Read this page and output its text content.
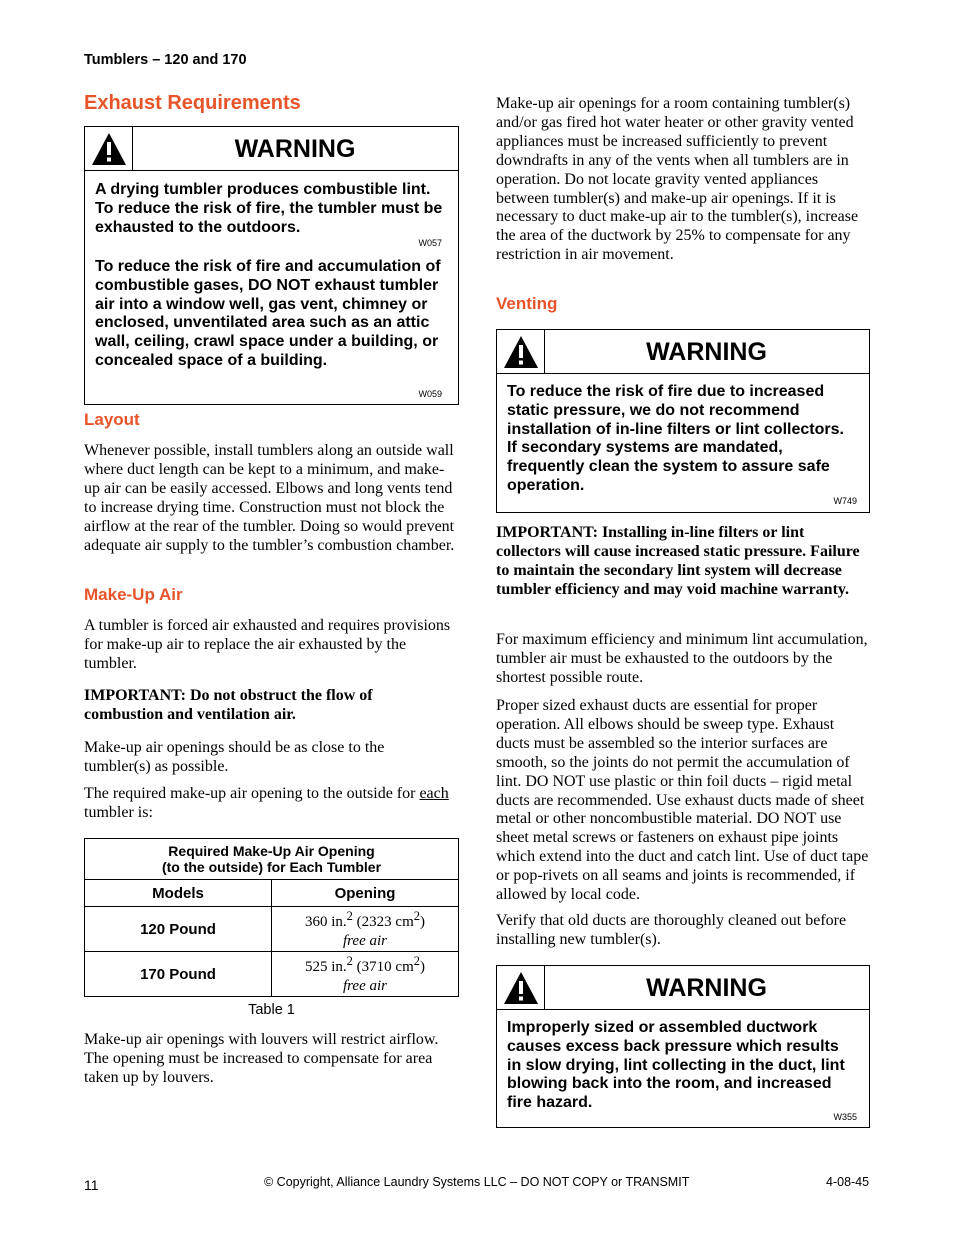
Tumblers – 120 and 170
Exhaust Requirements
WARNING

A drying tumbler produces combustible lint. To reduce the risk of fire, the tumbler must be exhausted to the outdoors.

W057

To reduce the risk of fire and accumulation of combustible gases, DO NOT exhaust tumbler air into a window well, gas vent, chimney or enclosed, unventilated area such as an attic wall, ceiling, crawl space under a building, or concealed space of a building.

W059
Layout

Whenever possible, install tumblers along an outside wall where duct length can be kept to a minimum, and make-up air can be easily accessed. Elbows and long vents tend to increase drying time. Construction must not block the airflow at the rear of the tumbler. Doing so would prevent adequate air supply to the tumbler’s combustion chamber.

Make-Up Air

A tumbler is forced air exhausted and requires provisions for make-up air to replace the air exhausted by the tumbler.

IMPORTANT: Do not obstruct the flow of combustion and ventilation air.

Make-up air openings should be as close to the tumbler(s) as possible.

The required make-up air opening to the outside for each tumbler is:

Required Make-Up Air Opening
(to the outside) for Each Tumbler	
Models	Opening
120 Pound	360 in.$^2$ (2323 $cm^2$)
free air

170 Pound	525 in.$^2$ (3710 $cm^2$)
free air
Table 1

Make-up air openings with louvers will restrict airflow. The opening must be increased to compensate for area taken up by louvers.

Make-up air openings for a room containing tumbler(s) and/or gas fired hot water heater or other gravity vented appliances must be increased sufficiently to prevent downdrafts in any of the vents when all tumblers are in operation. Do not locate gravity vented appliances between tumbler(s) and make-up air openings. If it is necessary to duct make-up air to the tumbler(s), increase the area of the ductwork by 25% to compensate for any restriction in air movement.

Venting
WARNING

To reduce the risk of fire due to increased static pressure, we do not recommend installation of in-line filters or lint collectors. If secondary systems are mandated, frequently clean the system to assure safe operation.

W749

IMPORTANT: Installing in-line filters or lint collectors will cause increased static pressure. Failure to maintain the secondary lint system will decrease tumbler efficiency and may void machine warranty.

For maximum efficiency and minimum lint accumulation, tumbler air must be exhausted to the outdoors by the shortest possible route.

Proper sized exhaust ducts are essential for proper operation. All elbows should be sweep type. Exhaust ducts must be assembled so the interior surfaces are smooth, so the joints do not permit the accumulation of lint. DO NOT use plastic or thin foil ducts – rigid metal ducts are recommended. Use exhaust ducts made of sheet metal or other noncombustible material. DO NOT use sheet metal screws or fasteners on exhaust pipe joints which extend into the duct and catch lint. Use of duct tape or pop-rivets on all seams and joints is recommended, if allowed by local code.

Verify that old ducts are thoroughly cleaned out before installing new tumbler(s).

WARNING

Improperly sized or assembled ductwork causes excess back pressure which results in slow drying, lint collecting in the duct, lint blowing back into the room, and increased fire hazard.

W355
11	© Copyright, Alliance Laundry Systems LLC – DO NOT COPY or TRANSMIT	4-08-45
